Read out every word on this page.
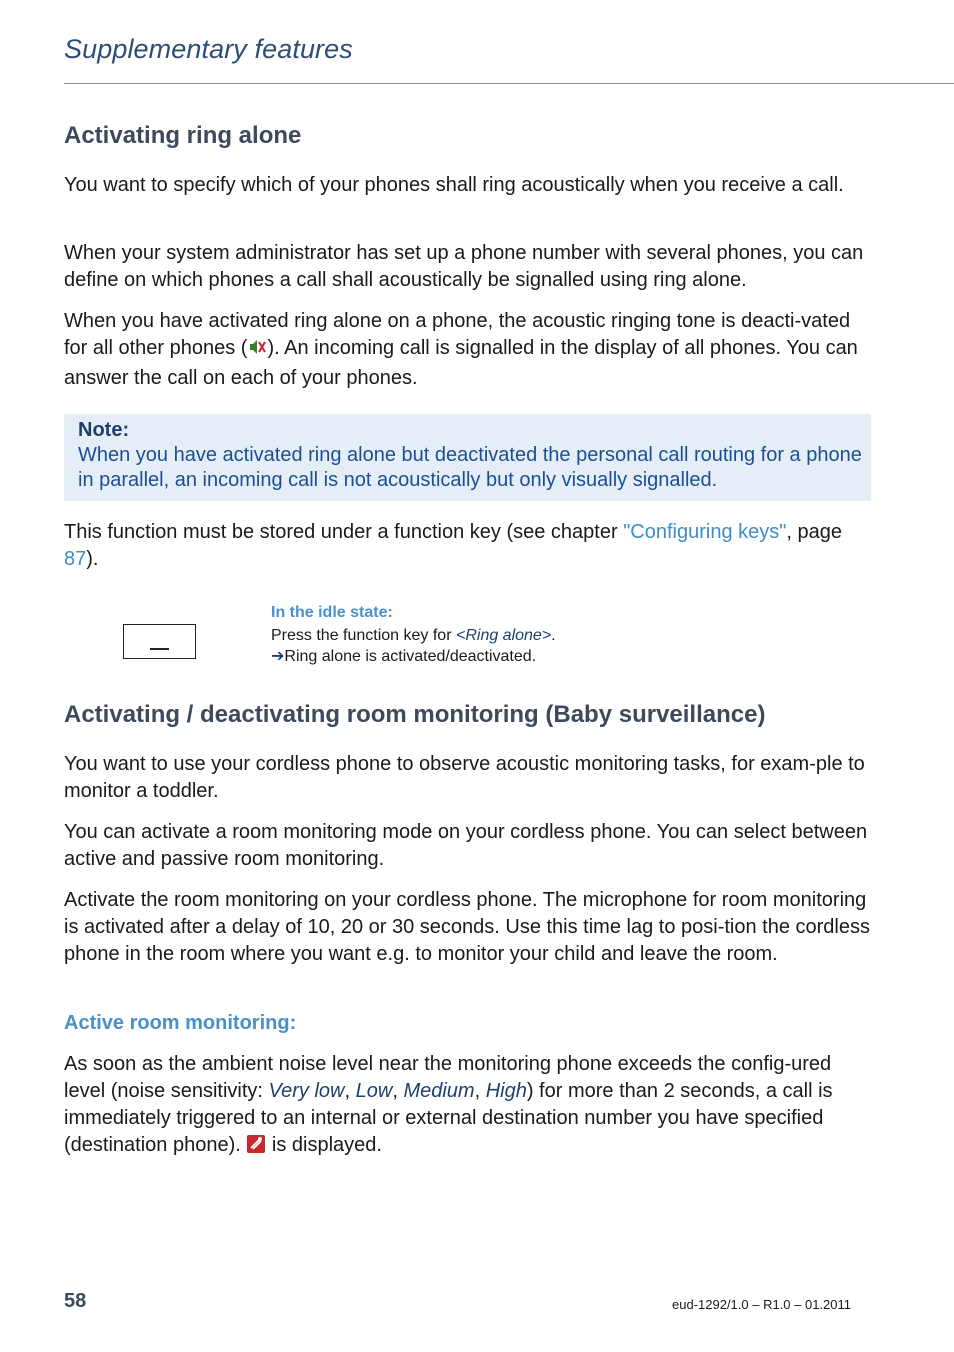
Supplementary features
Activating ring alone

You want to specify which of your phones shall ring acoustically when you receive a call.

When your system administrator has set up a phone number with several phones, you can define on which phones a call shall acoustically be signalled using ring alone.

When you have activated ring alone on a phone, the acoustic ringing tone is deacti-vated for all other phones ( ). An incoming call is signalled in the display of all phones. You can answer the call on each of your phones.

Note:
When you have activated ring alone but deactivated the personal call routing for a phone in parallel, an incoming call is not acoustically but only visually signalled.

This function must be stored under a function key (see chapter "Configuring keys", page 87).

In the idle state:
Press the function key for <Ring alone>.
➔Ring alone is activated/deactivated.
Activating / deactivating room monitoring (Baby surveillance)

You want to use your cordless phone to observe acoustic monitoring tasks, for exam-ple to monitor a toddler.

You can activate a room monitoring mode on your cordless phone. You can select between active and passive room monitoring.

Activate the room monitoring on your cordless phone. The microphone for room monitoring is activated after a delay of 10, 20 or 30 seconds. Use this time lag to posi-tion the cordless phone in the room where you want e.g. to monitor your child and leave the room.

Active room monitoring:

As soon as the ambient noise level near the monitoring phone exceeds the config-ured level (noise sensitivity: Very low, Low, Medium, High) for more than 2 seconds, a call is immediately triggered to an internal or external destination number you have specified (destination phone).  is displayed.

58	eud-1292/1.0 – R1.0 – 01.2011
